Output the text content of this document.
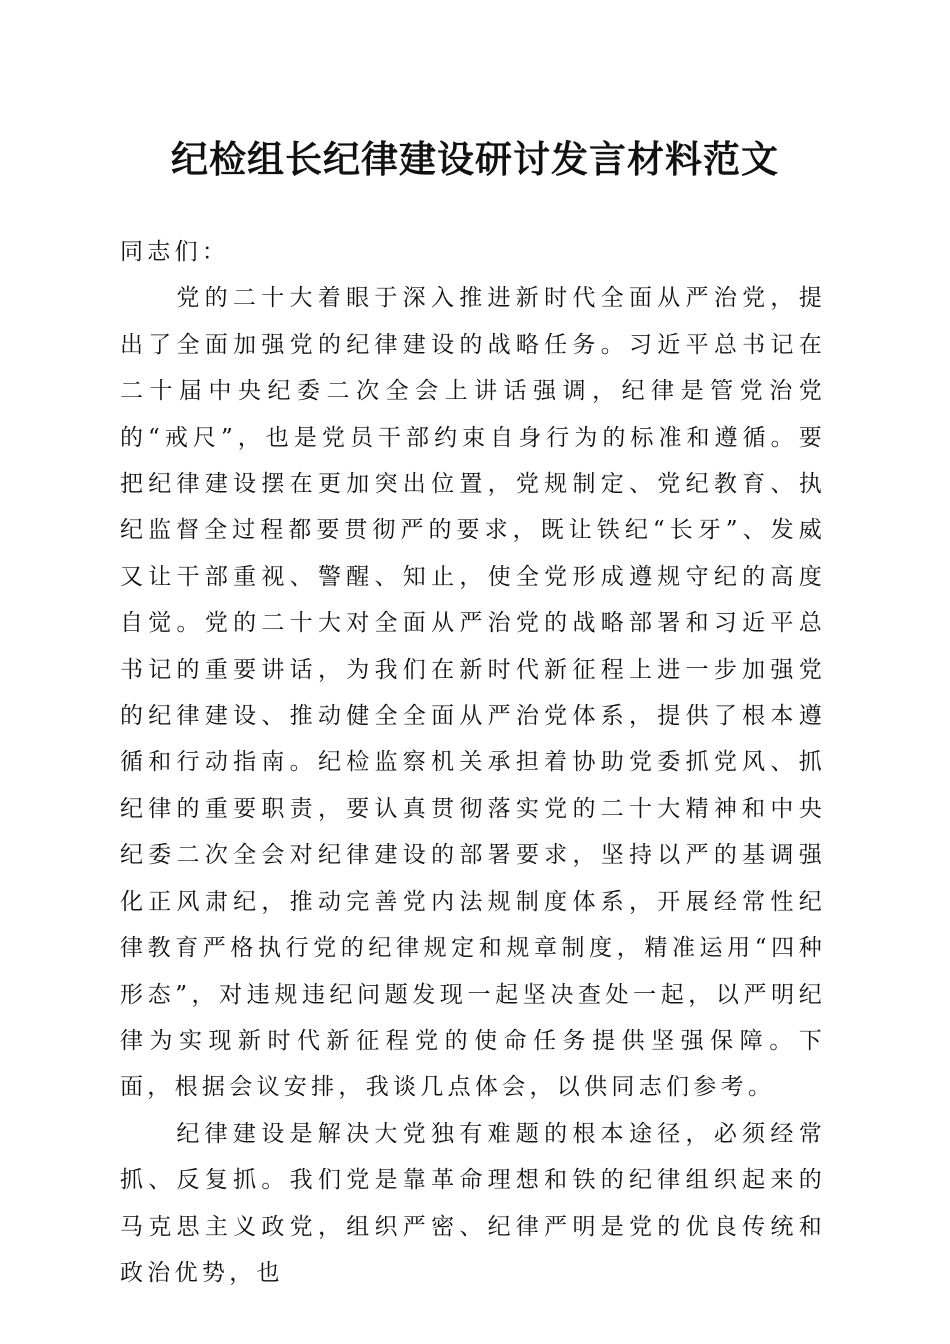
纪检组长纪律建设研讨发言材料范文

同志们：

党的二十大着眼于深入推进新时代全面从严治党，提出了全面加强党的纪律建设的战略任务。习近平总书记在二十届中央纪委二次全会上讲话强调，纪律是管党治党的“戒尺”，也是党员干部约束自身行为的标准和遵循。要把纪律建设摆在更加突出位置，党规制定、党纪教育、执纪监督全过程都要贯彻严的要求，既让铁纪“长牙”、发威又让干部重视、警醒、知止，使全党形成遵规守纪的高度自觉。党的二十大对全面从严治党的战略部署和习近平总书记的重要讲话，为我们在新时代新征程上进一步加强党的纪律建设、推动健全全面从严治党体系，提供了根本遵循和行动指南。纪检监察机关承担着协助党委抓党风、抓纪律的重要职责，要认真贯彻落实党的二十大精神和中央纪委二次全会对纪律建设的部署要求，坚持以严的基调强化正风肃纪，推动完善党内法规制度体系，开展经常性纪律教育严格执行党的纪律规定和规章制度，精准运用“四种形态”，对违规违纪问题发现一起坚决查处一起，以严明纪律为实现新时代新征程党的使命任务提供坚强保障。下面，根据会议安排，我谈几点体会，以供同志们参考。

纪律建设是解决大党独有难题的根本途径，必须经常抓、反复抓。我们党是靠革命理想和铁的纪律组织起来的马克思主义政党，组织严密、纪律严明是党的优良传统和政治优势，也
